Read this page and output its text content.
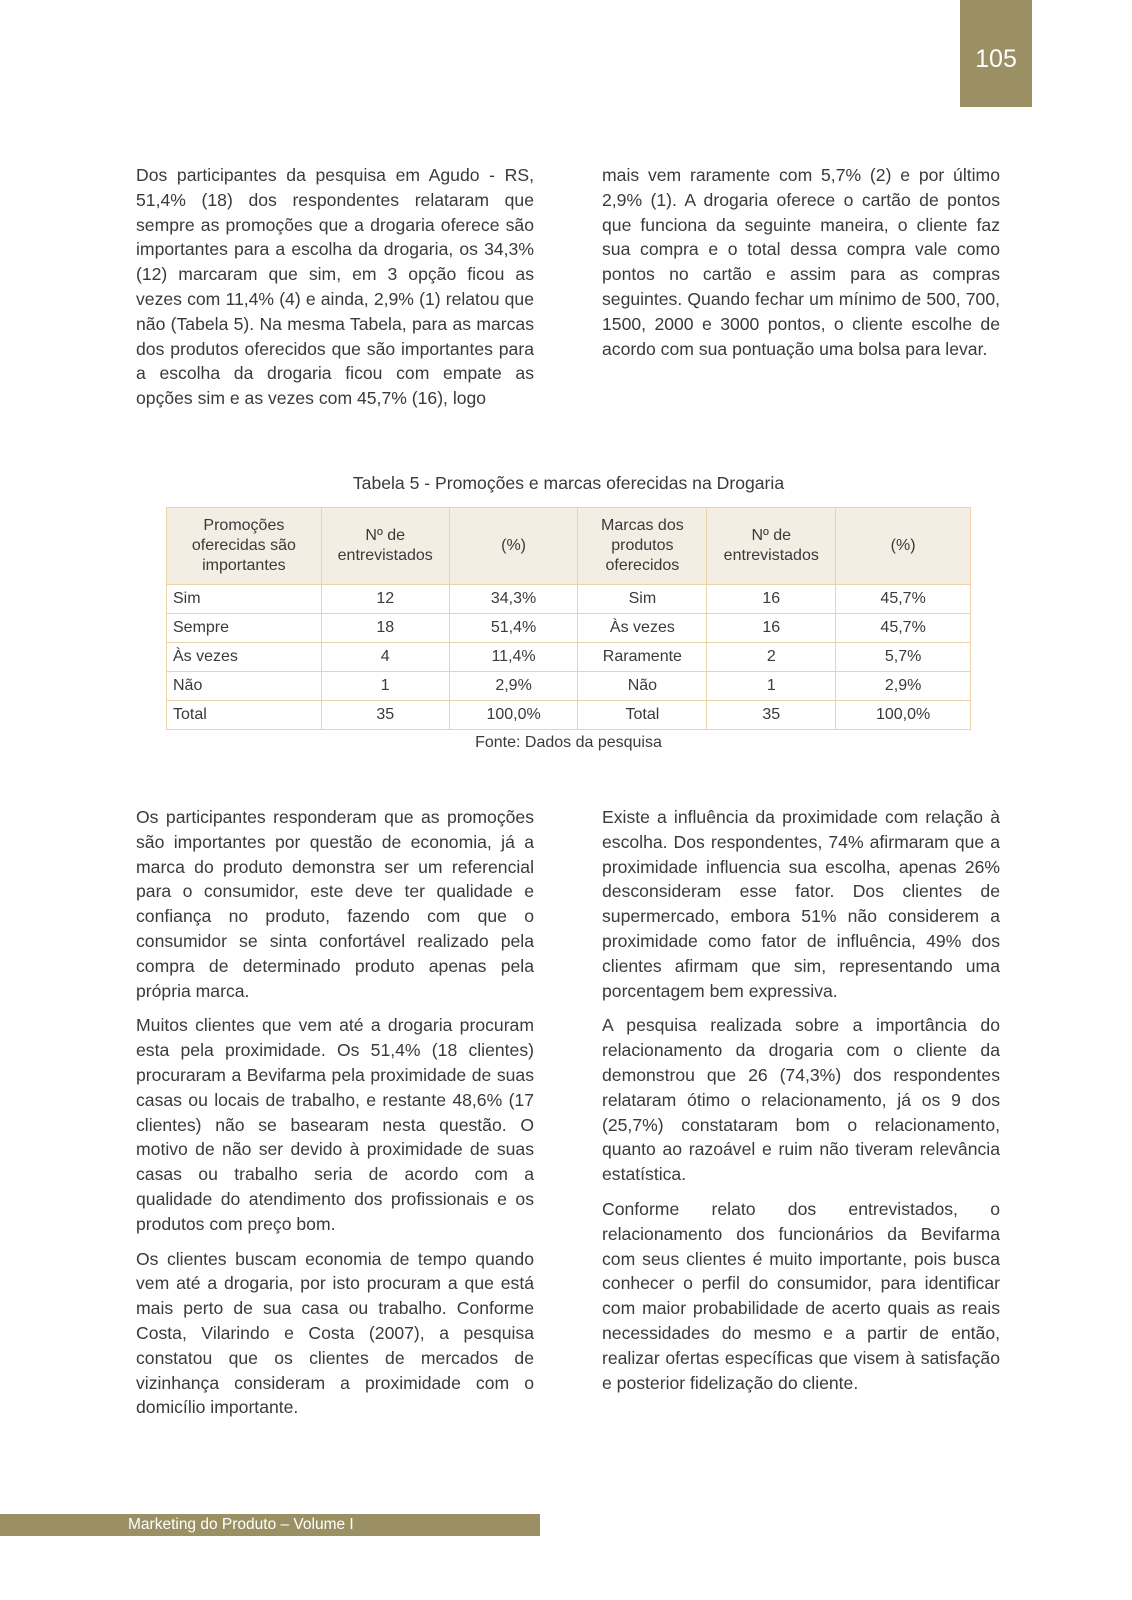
105

Dos participantes da pesquisa em Agudo - RS, 51,4% (18) dos respondentes relataram que sempre as promoções que a drogaria oferece são importantes para a escolha da drogaria, os 34,3% (12) marcaram que sim, em 3 opção ficou as vezes com 11,4% (4) e ainda, 2,9% (1) relatou que não (Tabela 5). Na mesma Tabela, para as marcas dos produtos oferecidos que são importantes para a escolha da drogaria ficou com empate as opções sim e as vezes com 45,7% (16), logo

mais vem raramente com 5,7% (2) e por último 2,9% (1). A drogaria oferece o cartão de pontos que funciona da seguinte maneira, o cliente faz sua compra e o total dessa compra vale como pontos no cartão e assim para as compras seguintes. Quando fechar um mínimo de 500, 700, 1500, 2000 e 3000 pontos, o cliente escolhe de acordo com sua pontuação uma bolsa para levar.

Tabela 5 - Promoções e marcas oferecidas na Drogaria
Promoções oferecidas são importantes	Nº de entrevistados	(%)	Marcas dos produtos oferecidos	Nº de entrevistados	(%)
Sim	12	34,3%	Sim	16	45,7%
Sempre	18	51,4%	Às vezes	16	45,7%
Às vezes	4	11,4%	Raramente	2	5,7%
Não	1	2,9%	Não	1	2,9%
Total	35	100,0%	Total	35	100,0%
Fonte: Dados da pesquisa

Os participantes responderam que as promoções são importantes por questão de economia, já a marca do produto demonstra ser um referencial para o consumidor, este deve ter qualidade e confiança no produto, fazendo com que o consumidor se sinta confortável realizado pela compra de determinado produto apenas pela própria marca.

Muitos clientes que vem até a drogaria procuram esta pela proximidade. Os 51,4% (18 clientes) procuraram a Bevifarma pela proximidade de suas casas ou locais de trabalho, e restante 48,6% (17 clientes) não se basearam nesta questão. O motivo de não ser devido à proximidade de suas casas ou trabalho seria de acordo com a qualidade do atendimento dos profissionais e os produtos com preço bom.

Os clientes buscam economia de tempo quando vem até a drogaria, por isto procuram a que está mais perto de sua casa ou trabalho. Conforme Costa, Vilarindo e Costa (2007), a pesquisa constatou que os clientes de mercados de vizinhança consideram a proximidade com o domicílio importante.

Existe a influência da proximidade com relação à escolha. Dos respondentes, 74% afirmaram que a proximidade influencia sua escolha, apenas 26% desconsideram esse fator. Dos clientes de supermercado, embora 51% não considerem a proximidade como fator de influência, 49% dos clientes afirmam que sim, representando uma porcentagem bem expressiva.

A pesquisa realizada sobre a importância do relacionamento da drogaria com o cliente da demonstrou que 26 (74,3%) dos respondentes relataram ótimo o relacionamento, já os 9 dos (25,7%) constataram bom o relacionamento, quanto ao razoável e ruim não tiveram relevância estatística.

Conforme relato dos entrevistados, o relacionamento dos funcionários da Bevifarma com seus clientes é muito importante, pois busca conhecer o perfil do consumidor, para identificar com maior probabilidade de acerto quais as reais necessidades do mesmo e a partir de então, realizar ofertas específicas que visem à satisfação e posterior fidelização do cliente.

Marketing do Produto – Volume I
